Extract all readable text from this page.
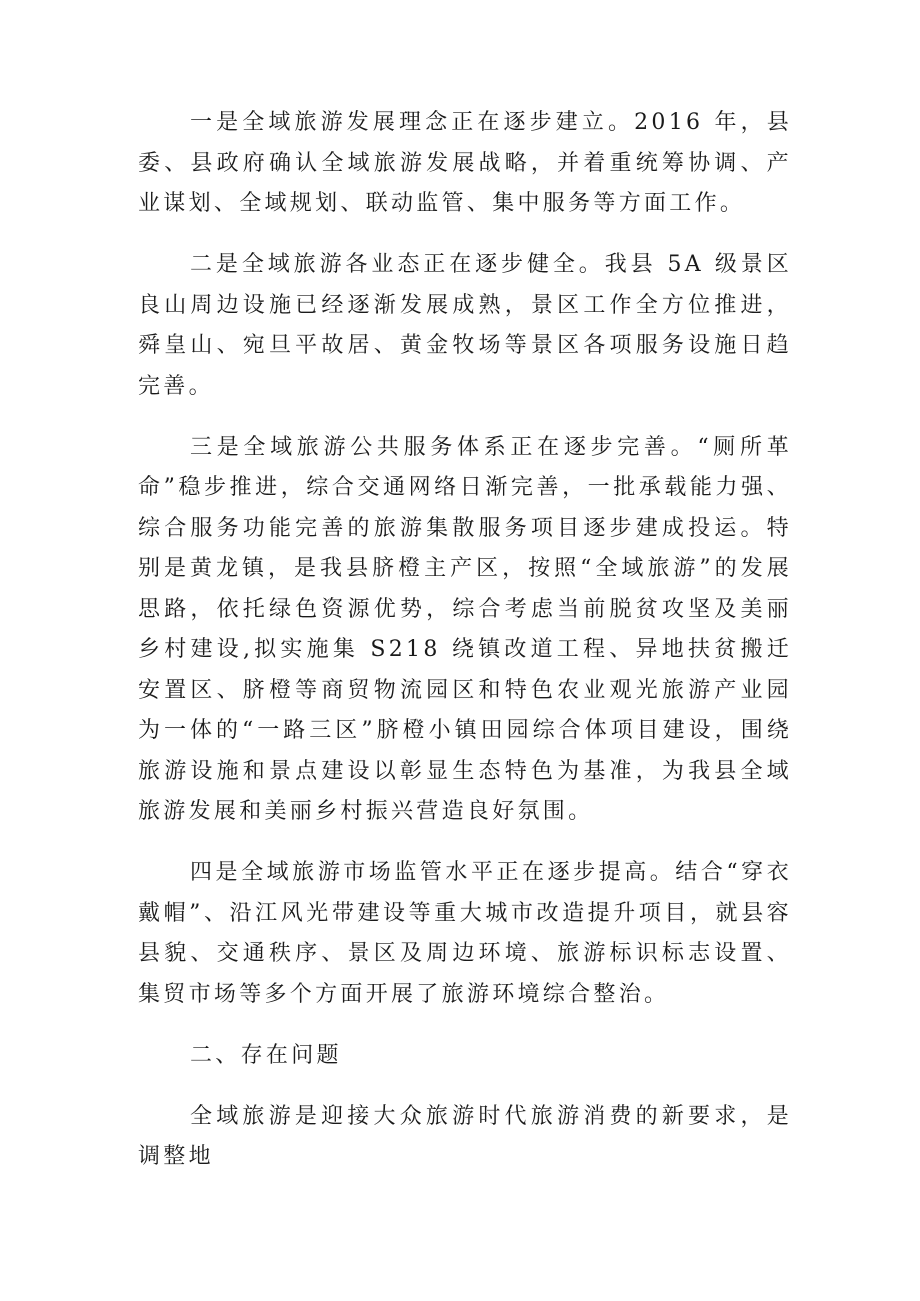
一是全域旅游发展理念正在逐步建立。2016 年，县委、县政府确认全域旅游发展战略，并着重统筹协调、产业谋划、全域规划、联动监管、集中服务等方面工作。

二是全域旅游各业态正在逐步健全。我县 5A 级景区良山周边设施已经逐渐发展成熟，景区工作全方位推进，舜皇山、宛旦平故居、黄金牧场等景区各项服务设施日趋完善。

三是全域旅游公共服务体系正在逐步完善。“厕所革命”稳步推进，综合交通网络日渐完善，一批承载能力强、综合服务功能完善的旅游集散服务项目逐步建成投运。特别是黄龙镇，是我县脐橙主产区，按照“全域旅游”的发展思路，依托绿色资源优势，综合考虑当前脱贫攻坚及美丽乡村建设,拟实施集 S218 绕镇改道工程、异地扶贫搬迁安置区、脐橙等商贸物流园区和特色农业观光旅游产业园为一体的“一路三区”脐橙小镇田园综合体项目建设，围绕旅游设施和景点建设以彰显生态特色为基准，为我县全域旅游发展和美丽乡村振兴营造良好氛围。

四是全域旅游市场监管水平正在逐步提高。结合“穿衣戴帽”、沿江风光带建设等重大城市改造提升项目，就县容县貌、交通秩序、景区及周边环境、旅游标识标志设置、集贸市场等多个方面开展了旅游环境综合整治。

二、存在问题

全域旅游是迎接大众旅游时代旅游消费的新要求，是调整地
